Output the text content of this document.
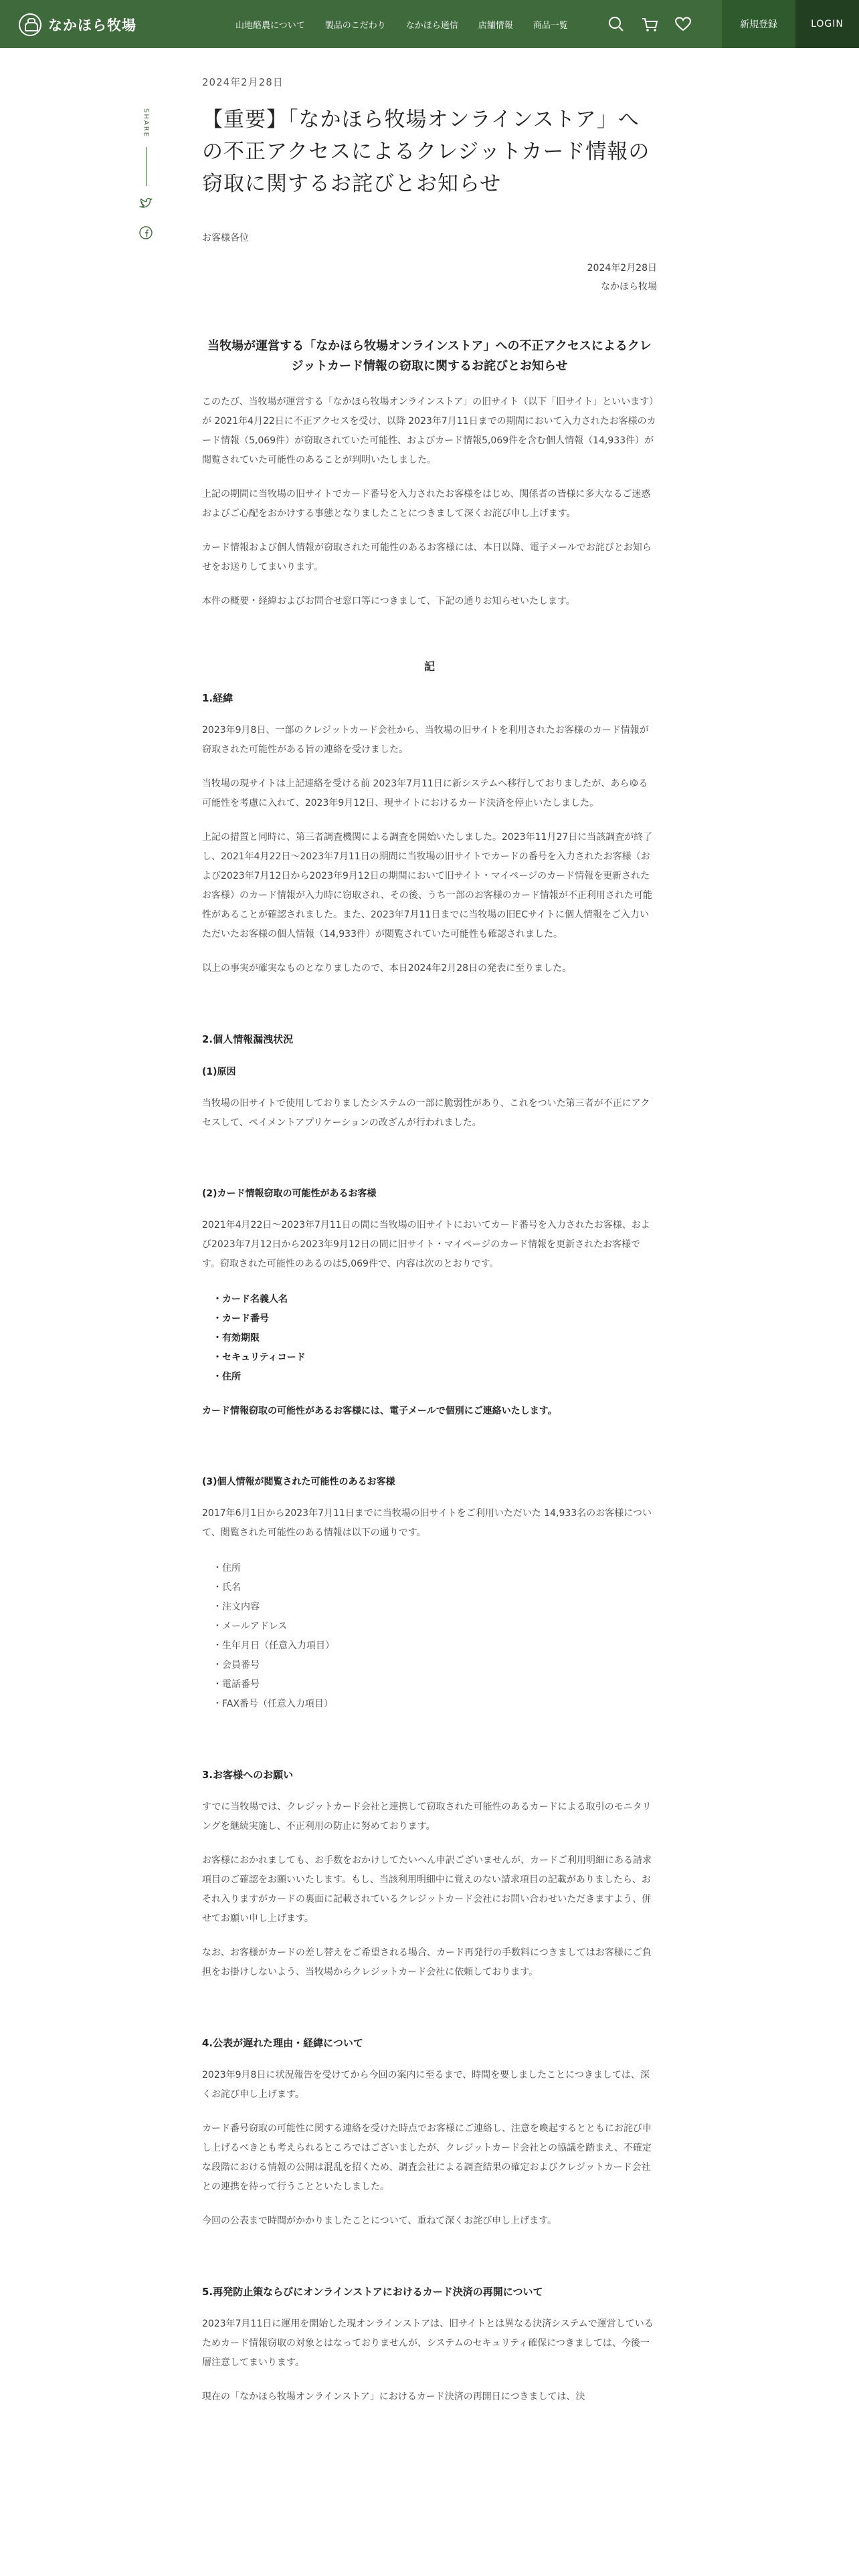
なかほら牧場	山地酪農について 製品のこだわり なかほら通信 店舗情報 商品一覧	新規登録	LOGIN
SHARE
2024年2月28日
【重要】「なかほら牧場オンラインストア」への不正アクセスによるクレジットカード情報の窃取に関するお詫びとお知らせ
お客様各位
2024年2月28日
なかほら牧場
当牧場が運営する「なかほら牧場オンラインストア」への不正アクセスによるクレジットカード情報の窃取に関するお詫びとお知らせ

このたび、当牧場が運営する「なかほら牧場オンラインストア」の旧サイト（以下「旧サイト」といいます）が 2021年4月22日に不正アクセスを受け、以降 2023年7月11日までの期間において入力されたお客様のカード情報（5,069件）が窃取されていた可能性、およびカード情報5,069件を含む個人情報（14,933件）が閲覧されていた可能性のあることが判明いたしました。

上記の期間に当牧場の旧サイトでカード番号を入力されたお客様をはじめ、関係者の皆様に多大なるご迷惑およびご心配をおかけする事態となりましたことにつきまして深くお詫び申し上げます。

カード情報および個人情報が窃取された可能性のあるお客様には、本日以降、電子メールでお詫びとお知らせをお送りしてまいります。

本件の概要・経緯およびお問合せ窓口等につきまして、下記の通りお知らせいたします。

記
1.経緯

2023年9月8日、一部のクレジットカード会社から、当牧場の旧サイトを利用されたお客様のカード情報が窃取された可能性がある旨の連絡を受けました。

当牧場の現サイトは上記連絡を受ける前 2023年7月11日に新システムへ移行しておりましたが、あらゆる可能性を考慮に入れて、2023年9月12日、現サイトにおけるカード決済を停止いたしました。

上記の措置と同時に、第三者調査機関による調査を開始いたしました。2023年11月27日に当該調査が終了し、2021年4月22日〜2023年7月11日の期間に当牧場の旧サイトでカードの番号を入力されたお客様（および2023年7月12日から2023年9月12日の期間において旧サイト・マイページのカード情報を更新されたお客様）のカード情報が入力時に窃取され、その後、うち一部のお客様のカード情報が不正利用された可能性があることが確認されました。また、2023年7月11日までに当牧場の旧ECサイトに個人情報をご入力いただいたお客様の個人情報（14,933件）が閲覧されていた可能性も確認されました。

以上の事実が確実なものとなりましたので、本日2024年2月28日の発表に至りました。

2.個人情報漏洩状況
(1)原因

当牧場の旧サイトで使用しておりましたシステムの一部に脆弱性があり、これをついた第三者が不正にアクセスして、ペイメントアプリケーションの改ざんが行われました。

(2)カード情報窃取の可能性があるお客様

2021年4月22日〜2023年7月11日の間に当牧場の旧サイトにおいてカード番号を入力されたお客様、および2023年7月12日から2023年9月12日の間に旧サイト・マイページのカード情報を更新されたお客様です。窃取された可能性のあるのは5,069件で、内容は次のとおりです。

・カード名義人名
・カード番号
・有効期限
・セキュリティコード
・住所
カード情報窃取の可能性があるお客様には、電子メールで個別にご連絡いたします。
(3)個人情報が閲覧された可能性のあるお客様

2017年6月1日から2023年7月11日までに当牧場の旧サイトをご利用いただいた 14,933名のお客様について、閲覧された可能性のある情報は以下の通りです。

・住所
・氏名
・注文内容
・メールアドレス
・生年月日（任意入力項目）
・会員番号
・電話番号
・FAX番号（任意入力項目）
3.お客様へのお願い

すでに当牧場では、クレジットカード会社と連携して窃取された可能性のあるカードによる取引のモニタリングを継続実施し、不正利用の防止に努めております。

お客様におかれましても、お手数をおかけしてたいへん申訳ございませんが、カードご利用明細にある請求項目のご確認をお願いいたします。もし、当該利用明細中に覚えのない請求項目の記載がありましたら、おそれ入りますがカードの裏面に記載されているクレジットカード会社にお問い合わせいただきますよう、併せてお願い申し上げます。

なお、お客様がカードの差し替えをご希望される場合、カード再発行の手数料につきましてはお客様にご負担をお掛けしないよう、当牧場からクレジットカード会社に依頼しております。

4.公表が遅れた理由・経緯について

2023年9月8日に状況報告を受けてから今回の案内に至るまで、時間を要しましたことにつきましては、深くお詫び申し上げます。

カード番号窃取の可能性に関する連絡を受けた時点でお客様にご連絡し、注意を喚起するとともにお詫び申し上げるべきとも考えられるところではございましたが、クレジットカード会社との協議を踏まえ、不確定な段階における情報の公開は混乱を招くため、調査会社による調査結果の確定およびクレジットカード会社との連携を待って行うことといたしました。

今回の公表まで時間がかかりましたことについて、重ねて深くお詫び申し上げます。

5.再発防止策ならびにオンラインストアにおけるカード決済の再開について

2023年7月11日に運用を開始した現オンラインストアは、旧サイトとは異なる決済システムで運営しているためカード情報窃取の対象とはなっておりませんが、システムのセキュリティ確保につきましては、今後一層注意してまいります。

現在の「なかほら牧場オンラインストア」におけるカード決済の再開日につきましては、決
